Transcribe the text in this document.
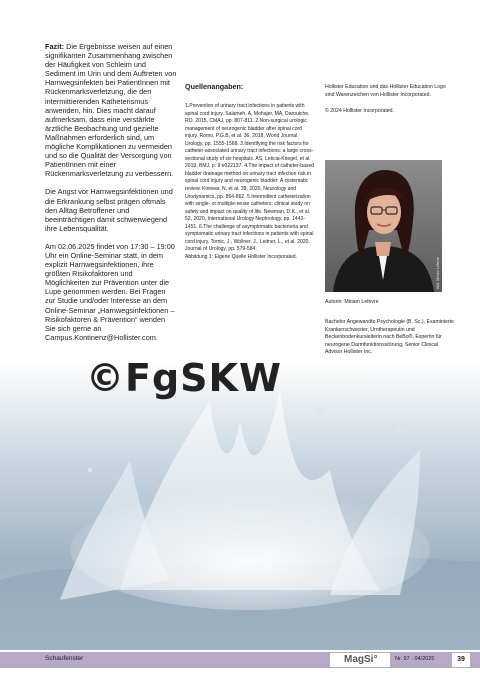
Fazit: Die Ergebnisse weisen auf einen signifikanten Zusammenhang zwischen der Häufigkeit von Schleim und Sediment im Urin und dem Auftreten von Harnwegsinfekten bei PatientInnen mit Rückenmarksverletzung, die den intermittierenden Katheterismus anwenden, hin. Dies macht darauf aufmerksam, dass eine verstärkte ärztliche Beobachtung und gezielte Maßnahmen erforderlich sind, um mögliche Komplikationen zu vermeiden und so die Qualität der Versorgung von PatientInnen mit einer Rückenmarksverletzung zu verbessern.

Die Angst vor Harnwegsinfektionen und die Erkrankung selbst prägen oftmals den Alltag Betroffener und beeinträchtigen damit schwerwiegend ihre Lebensqualität.

Am 02.06.2025 findet von 17:30 – 19:00 Uhr ein Online-Seminar statt, in dem explizit Harnwegsinfektionen, ihre größten Risikofaktoren und Möglichkeiten zur Prävention unter die Lupe genommen werden. Bei Fragen zur Studie und/oder Interesse an dem Online-Seminar „Harnwegsinfektionen – Risikofaktoren & Prävention“ wenden Sie sich gerne an Campus.Kontinenz@Hollister.com.

Quellenangaben:

1.Prevention of urinary tract infections in patients with spinal cord injury. Salameh, A, Mohajer, MA, Darouiche, RO. 2015, CMAJ, pp. 807-811. 2.Non-surgical urologic management of neurogenic bladder after spinal cord injury. Romo, P.G.B, et al. 36, 2018, World Journal Urology, pp. 1555-1568. 3.Identifying the risk factors for catheter-associated urinary tract infections: a large cross-sectional study of six hospitals. AS, Leticia-Kriegel, et al. 2019, BMJ, p. 9:e022137. 4.The impact of catheter-based bladder drainage method on urinary tract infection risk in spinal cord injury and neurogenic bladder: A systematic review. Kinnear, N, et al. 39, 2020, Neurology and Urodynamics, pp. 854-862. 5.Intermittent catheterization with single- or multiple-reuse catheters: clinical study on safety and impact on quality of life. Newman, D.K., et al. 52, 2020, International Urology Nephrology, pp. 1443-1451. 6.The challenge of asymptomatic bacteriuria and symptomatic urinary tract infections in patients with spinal cord injury. Tornic, J., Wollner, J., Leitner, L., et al. 2020, Journal of Urology, pp. 579-584.

Abbildung 1: Eigene Quelle Hollister Incorporated.

Hollister Education und das Hollister Education Logo sind Warenzeichen von Hollister Incorporated.

© 2024 Hollister Incorporated.

Bild: Miriam Lefevre
Autorin: Miriam Lefevre
Bachelor Angewandte Psychologie (B. Sc.), Examinierte Krankenschwester, Urotherapeutin und Beckenbodenkursleiterin nach BeBo®, Expertin für neurogene Darmfunktionsstörung, Senior Clinical Advisor Hollister Inc.
©FgSKW
Schaufenster	MagSi°	Nr. 97 · 04/2025	39
